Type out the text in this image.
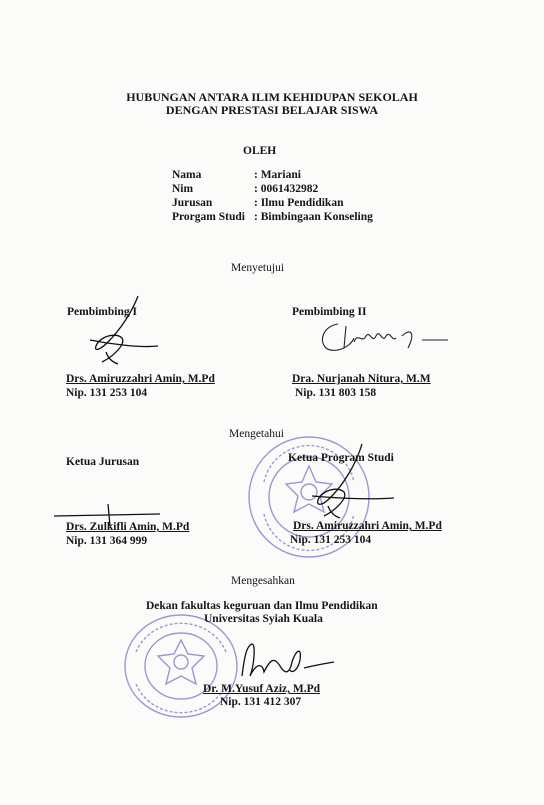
HUBUNGAN ANTARA ILIM KEHIDUPAN SEKOLAH
DENGAN PRESTASI BELAJAR SISWA
OLEH
Nama	: Mariani
Nim	: 0061432982
Jurusan	: Ilmu Pendidikan
Prorgam Studi	: Bimbingaan Konseling
Menyetujui
Pembimbing I
Drs. Amiruzzahri Amin, M.Pd
Nip. 131 253 104
Pembimbing II
Dra. Nurjanah Nitura, M.M
Nip. 131 803 158
Mengetahui
Ketua Jurusan
Drs. Zulkifli Amin, M.Pd
Nip. 131 364 999
Ketua Program Studi
Drs. Amiruzzahri Amin, M.Pd
Nip. 131 253 104
Mengesahkan
Dekan fakultas keguruan dan Ilmu Pendidikan
Universitas Syiah Kuala
Dr. M.Yusuf Aziz, M.Pd
Nip. 131 412 307
